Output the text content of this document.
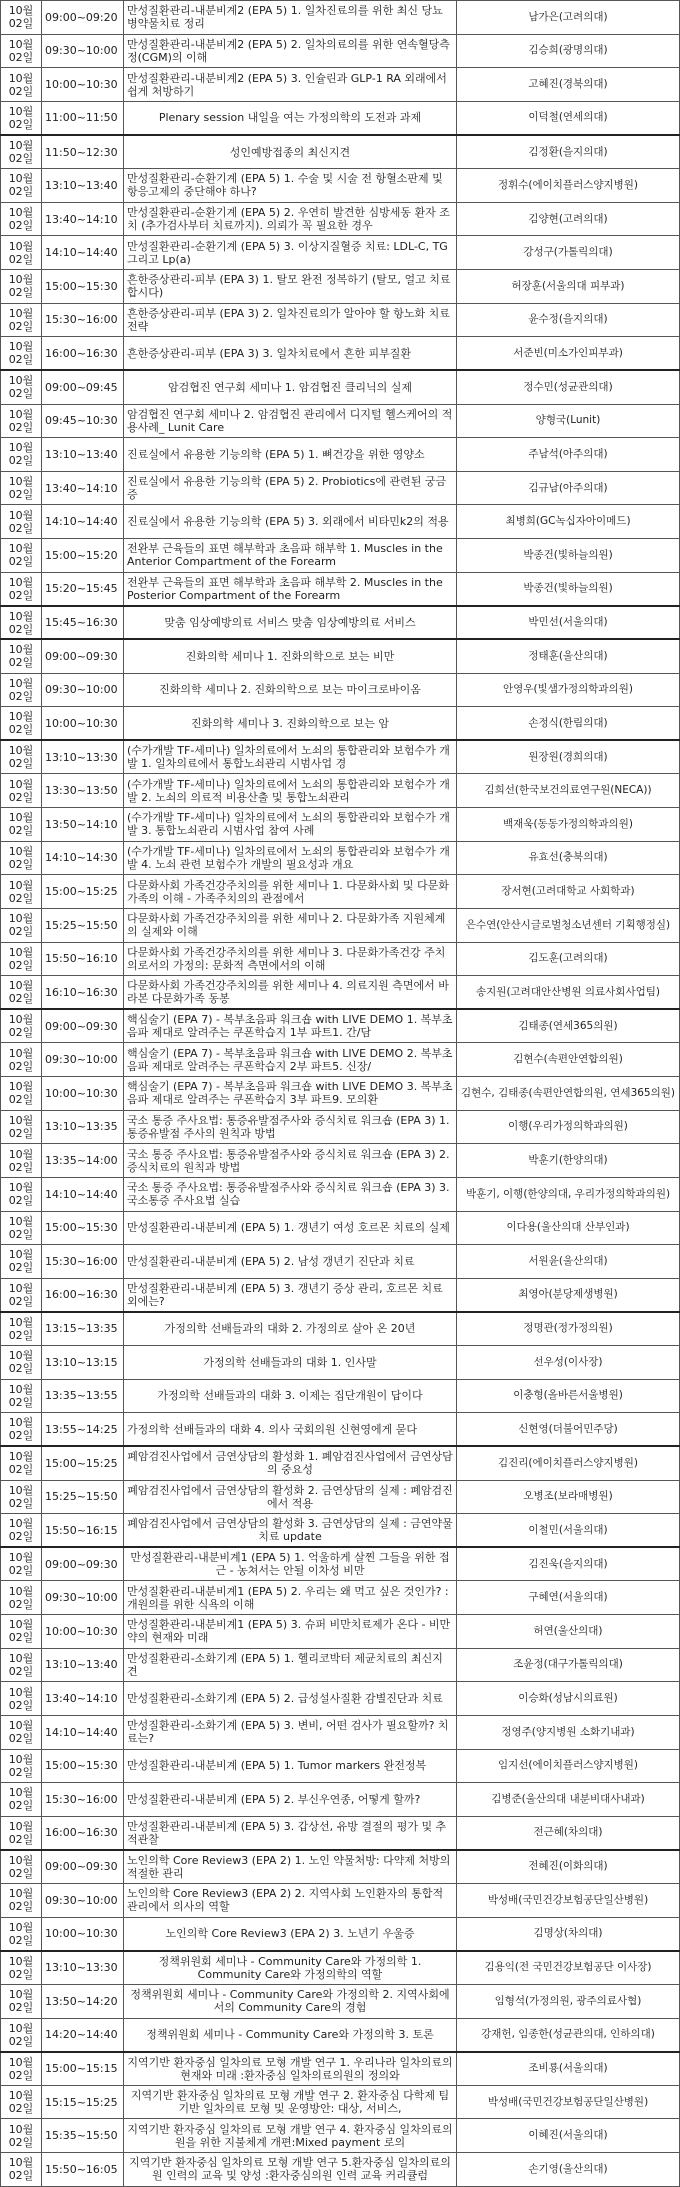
10월 02일	09:00~09:20	만성질환관리-내분비계2 (EPA 5) 1. 일차진료의를 위한 최신 당뇨병약물치료 정리	남가은(고려의대)
10월 02일	09:30~10:00	만성질환관리-내분비계2 (EPA 5) 2. 일차의료의를 위한 연속혈당측정(CGM)의 이해	김승희(광명의대)
10월 02일	10:00~10:30	만성질환관리-내분비계2 (EPA 5) 3. 인슐린과 GLP-1 RA 외래에서 쉽게 처방하기	고혜진(경북의대)
10월 02일	11:00~11:50	Plenary session 내일을 여는 가정의학의 도전과 과제	이덕철(연세의대)
10월 02일	11:50~12:30	성인예방접종의 최신지견	김정환(을지의대)
10월 02일	13:10~13:40	만성질환관리-순환기계 (EPA 5) 1. 수술 및 시술 전 항혈소판제 및 항응고제의 중단해야 하나?	정휘수(에이치플러스양지병원)
10월 02일	13:40~14:10	만성질환관리-순환기계 (EPA 5) 2. 우연히 발견한 심방세동 환자 조치 (추가검사부터 치료까지). 의뢰가 꼭 필요한 경우	김양현(고려의대)
10월 02일	14:10~14:40	만성질환관리-순환기계 (EPA 5) 3. 이상지질혈증 치료: LDL-C, TG 그리고 Lp(a)	강성구(가톨릭의대)
10월 02일	15:00~15:30	흔한증상관리-피부 (EPA 3) 1. 탈모 완전 정복하기 (탈모, 얼고 치료합시다)	허장훈(서울의대 피부과)
10월 02일	15:30~16:00	흔한증상관리-피부 (EPA 3) 2. 일차진료의가 알아야 할 항노화 치료 전략	윤수정(을지의대)
10월 02일	16:00~16:30	흔한증상관리-피부 (EPA 3) 3. 일차치료에서 흔한 피부질환	서준빈(미소가인피부과)
10월 02일	09:00~09:45	암검협진 연구회 세미나 1. 암검협진 클리닉의 실제	정수민(성균관의대)
10월 02일	09:45~10:30	암검협진 연구회 세미나 2. 암검협진 관리에서 디지털 헬스케어의 적용사례_ Lunit Care	양형국(Lunit)
10월 02일	13:10~13:40	진료실에서 유용한 기능의학 (EPA 5) 1. 뼈건강을 위한 영양소	주남석(아주의대)
10월 02일	13:40~14:10	진료실에서 유용한 기능의학 (EPA 5) 2. Probiotics에 관련된 궁금증	김규남(아주의대)
10월 02일	14:10~14:40	진료실에서 유용한 기능의학 (EPA 5) 3. 외래에서 비타민k2의 적용	최병희(GC녹십자아이메드)
10월 02일	15:00~15:20	전완부 근육들의 표면 해부학과 초음파 해부학 1. Muscles in the Anterior Compartment of the Forearm	박종건(빛하늘의원)
10월 02일	15:20~15:45	전완부 근육들의 표면 해부학과 초음파 해부학 2. Muscles in the Posterior Compartment of the Forearm	박종건(빛하늘의원)
10월 02일	15:45~16:30	맞춤 임상예방의료 서비스 맞춤 임상예방의료 서비스	박민선(서울의대)
10월 02일	09:00~09:30	진화의학 세미나 1. 진화의학으로 보는 비만	정태훈(울산의대)
10월 02일	09:30~10:00	진화의학 세미나 2. 진화의학으로 보는 마이크로바이옴	안영우(빛샘가정의학과의원)
10월 02일	10:00~10:30	진화의학 세미나 3. 진화의학으로 보는 암	손정식(한림의대)
10월 02일	13:10~13:30	(수가개발 TF-세미나) 일차의료에서 노쇠의 통합관리와 보험수가 개발 1. 일차의료에서 통합노쇠관리 시범사업 경	원장원(경희의대)
10월 02일	13:30~13:50	(수가개발 TF-세미나) 일차의료에서 노쇠의 통합관리와 보험수가 개발 2. 노쇠의 의료적 비용산출 및 통합노쇠관리	김희선(한국보건의료연구원(NECA))
10월 02일	13:50~14:10	(수가개발 TF-세미나) 일차의료에서 노쇠의 통합관리와 보험수가 개발 3. 통합노쇠관리 시범사업 참여 사례	백재욱(동동가정의학과의원)
10월 02일	14:10~14:30	(수가개발 TF-세미나) 일차의료에서 노쇠의 통합관리와 보험수가 개발 4. 노쇠 관련 보험수가 개발의 필요성과 개요	유효선(충북의대)
10월 02일	15:00~15:25	다문화사회 가족건강주치의를 위한 세미나 1. 다문화사회 및 다문화가족의 이해 - 가족주치의의 관점에서	장서현(고려대학교 사회학과)
10월 02일	15:25~15:50	다문화사회 가족건강주치의를 위한 세미나 2. 다문화가족 지원체계의 실제와 이해	은수연(안산시글로벌청소년센터 기획행정실)
10월 02일	15:50~16:10	다문화사회 가족건강주치의를 위한 세미나 3. 다문화가족건강 주치의로서의 가정의: 문화적 측면에서의 이해	김도훈(고려의대)
10월 02일	16:10~16:30	다문화사회 가족건강주치의를 위한 세미나 4. 의료지원 측면에서 바라본 다문화가족 동봉	송지원(고려대안산병원 의료사회사업팀)
10월 02일	09:00~09:30	핵심술기 (EPA 7) - 복부초음파 워크숍 with LIVE DEMO 1. 복부초음파 제대로 알려주는 쿠폰학습지 1부 파트1. 간/담	김태종(연세365의원)
10월 02일	09:30~10:00	핵심술기 (EPA 7) - 복부초음파 워크숍 with LIVE DEMO 2. 복부초음파 제대로 알려주는 쿠폰학습지 2부 파트5. 신장/	김현수(속편안연합의원)
10월 02일	10:00~10:30	핵심술기 (EPA 7) - 복부초음파 워크숍 with LIVE DEMO 3. 복부초음파 제대로 알려주는 쿠폰학습지 3부 파트9. 모의환	김현수, 김태종(속편안연합의원, 연세365의원)
10월 02일	13:10~13:35	국소 통증 주사요법: 통증유발점주사와 증식치료 워크숍 (EPA 3) 1. 통증유발점 주사의 원칙과 방법	이행(우리가정의학과의원)
10월 02일	13:35~14:00	국소 통증 주사요법: 통증유발점주사와 증식치료 워크숍 (EPA 3) 2. 증식치료의 원칙과 방법	박훈기(한양의대)
10월 02일	14:10~14:40	국소 통증 주사요법: 통증유발점주사와 증식치료 워크숍 (EPA 3) 3. 국소통증 주사요법 실습	박훈기, 이행(한양의대, 우리가정의학과의원)
10월 02일	15:00~15:30	만성질환관리-내분비계 (EPA 5) 1. 갱년기 여성 호르몬 치료의 실제	이다용(울산의대 산부인과)
10월 02일	15:30~16:00	만성질환관리-내분비계 (EPA 5) 2. 남성 갱년기 진단과 치료	서원윤(울산의대)
10월 02일	16:00~16:30	만성질환관리-내분비계 (EPA 5) 3. 갱년기 증상 관리, 호르몬 치료 외에는?	최영아(분당제생병원)
10월 02일	13:15~13:35	가정의학 선배들과의 대화 2. 가정의로 살아 온 20년	정명관(정가정의원)
10월 02일	13:10~13:15	가정의학 선배들과의 대화 1. 인사말	선우성(이사장)
10월 02일	13:35~13:55	가정의학 선배들과의 대화 3. 이제는 집단개원이 답이다	이충형(올바른서울병원)
10월 02일	13:55~14:25	가정의학 선배들과의 대화 4. 의사 국회의원 신현영에게 묻다	신현영(더불어민주당)
10월 02일	15:00~15:25	폐암검진사업에서 금연상담의 활성화 1. 폐암검진사업에서 금연상담의 중요성	김진리(에이치플러스양지병원)
10월 02일	15:25~15:50	폐암검진사업에서 금연상담의 활성화 2. 금연상담의 실제 : 폐암검진에서 적용	오병조(보라매병원)
10월 02일	15:50~16:15	폐암검진사업에서 금연상담의 활성화 3. 금연상담의 실제 : 금연약물치료 update	이철민(서울의대)
10월 02일	09:00~09:30	만성질환관리-내분비계1 (EPA 5) 1. 억울하게 살찐 그들을 위한 접근 - 농쳐서는 안될 이차성 비만	김진욱(을지의대)
10월 02일	09:30~10:00	만성질환관리-내분비계1 (EPA 5) 2. 우리는 왜 먹고 싶은 것인가? : 개원의를 위한 식욕의 이해	구혜연(서울의대)
10월 02일	10:00~10:30	만성질환관리-내분비계1 (EPA 5) 3. 슈퍼 비만치료제가 온다 - 비만약의 현재와 미래	허연(울산의대)
10월 02일	13:10~13:40	만성질환관리-소화기계 (EPA 5) 1. 헬리코박터 제균치료의 최신지견	조윤정(대구가톨릭의대)
10월 02일	13:40~14:10	만성질환관리-소화기계 (EPA 5) 2. 급성설사질환 감별진단과 치료	이승화(성남시의료원)
10월 02일	14:10~14:40	만성질환관리-소화기계 (EPA 5) 3. 변비, 어떤 검사가 필요할까? 치료는?	정영주(양지병원 소화기내과)
10월 02일	15:00~15:30	만성질환관리-내분비계 (EPA 5) 1. Tumor markers 완전정복	임지선(에이치플러스양지병원)
10월 02일	15:30~16:00	만성질환관리-내분비계 (EPA 5) 2. 부신우연종, 어떻게 할까?	김병준(울산의대 내분비대사내과)
10월 02일	16:00~16:30	만성질환관리-내분비계 (EPA 5) 3. 갑상선, 유방 결절의 평가 및 추적관찰	전근혜(차의대)
10월 02일	09:00~09:30	노인의학 Core Review3 (EPA 2) 1. 노인 약물처방: 다약제 처방의 적절한 관리	전혜진(이화의대)
10월 02일	09:30~10:00	노인의학 Core Review3 (EPA 2) 2. 지역사회 노인환자의 통합적관리에서 의사의 역할	박성배(국민건강보험공단일산병원)
10월 02일	10:00~10:30	노인의학 Core Review3 (EPA 2) 3. 노년기 우울증	김명상(차의대)
10월 02일	13:10~13:30	정책위원회 세미나 - Community Care와 가정의학 1. Community Care와 가정의학의 역할	김용익(전 국민건강보험공단 이사장)
10월 02일	13:50~14:20	정책위원회 세미나 - Community Care와 가정의학 2. 지역사회에서의 Community Care의 경험	임형석(가정의원, 광주의료사협)
10월 02일	14:20~14:40	정책위원회 세미나 - Community Care와 가정의학 3. 토론	강재헌, 임종한(성균관의대, 인하의대)
10월 02일	15:00~15:15	지역기반 환자중심 일차의료 모형 개발 연구 1. 우리나라 일차의료의 현재와 미래 :환자중심 일차의료의원의 정의와	조비룡(서울의대)
10월 02일	15:15~15:25	지역기반 환자중심 일차의료 모형 개발 연구 2. 환자중심 다학제 팀기반 일차의료 모형 및 운영방안: 대상, 서비스,	박성배(국민건강보험공단일산병원)
10월 02일	15:35~15:50	지역기반 환자중심 일차의료 모형 개발 연구 4. 환자중심 일차의료의원을 위한 지불체계 개편:Mixed payment 로의	이혜진(서울의대)
10월 02일	15:50~16:05	지역기반 환자중심 일차의료 모형 개발 연구 5.환자중심 일차의료의원 인력의 교육 및 양성 :환자중심의원 인력 교육 커리큘럼	손기영(울산의대)
